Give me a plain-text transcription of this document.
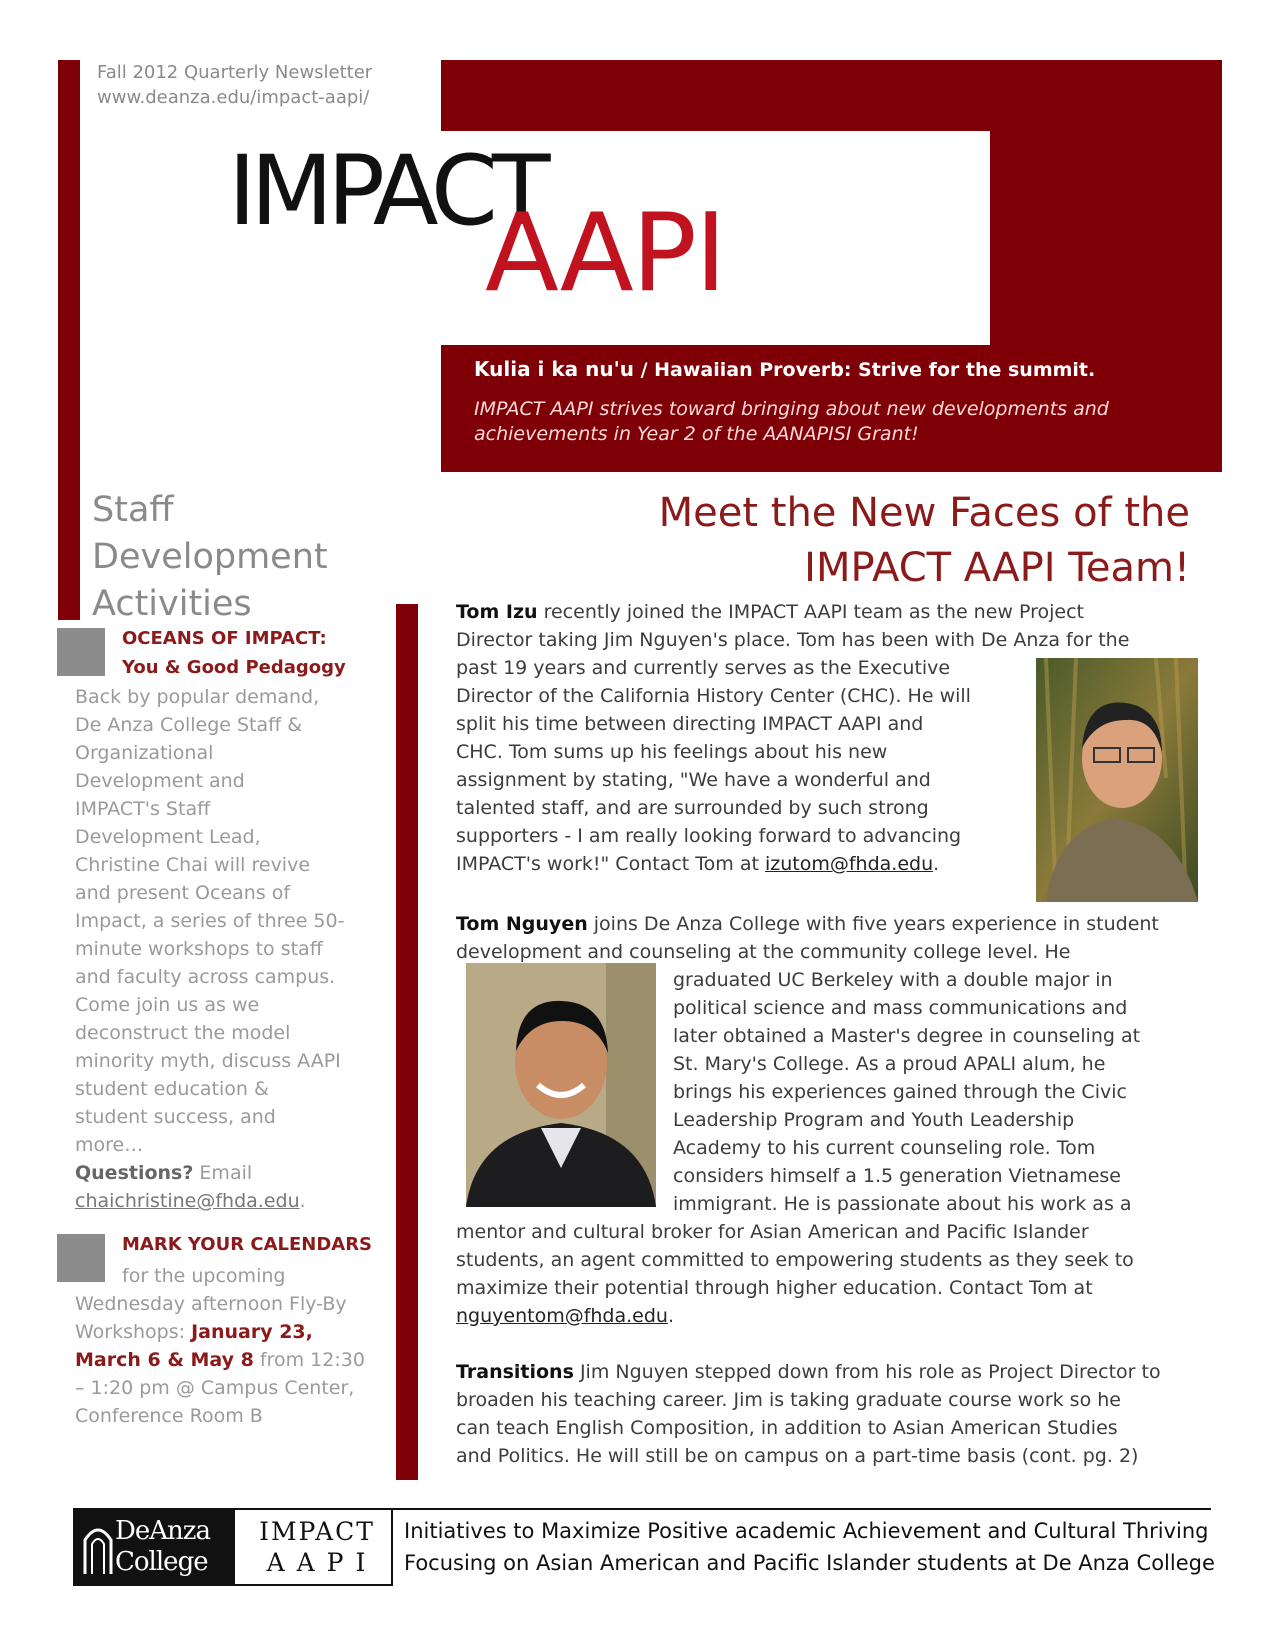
Fall 2012 Quarterly Newsletter
www.deanza.edu/impact-aapi/
IMPACT
AAPI
Kulia i ka nu'u / Hawaiian Proverb: Strive for the summit.
IMPACT AAPI strives toward bringing about new developments and achievements in Year 2 of the AANAPISI Grant!
Staff
Development
Activities
OCEANS OF IMPACT:
You & Good Pedagogy
Back by popular demand,
De Anza College Staff &
Organizational
Development and
IMPACT's Staff
Development Lead,
Christine Chai will revive
and present Oceans of
Impact, a series of three 50-
minute workshops to staff
and faculty across campus.
Come join us as we
deconstruct the model
minority myth, discuss AAPI
student education &
student success, and
more…
Questions? Email
chaichristine@fhda.edu.
MARK YOUR CALENDARS
for the upcoming
Wednesday afternoon Fly-By
Workshops: January 23,
March 6 & May 8 from 12:30
– 1:20 pm @ Campus Center,
Conference Room B
Meet the New Faces of the
IMPACT AAPI Team!
Tom Izu recently joined the IMPACT AAPI team as the new Project
Director taking Jim Nguyen's place. Tom has been with De Anza for the
past 19 years and currently serves as the Executive
Director of the California History Center (CHC). He will
split his time between directing IMPACT AAPI and
CHC. Tom sums up his feelings about his new
assignment by stating, "We have a wonderful and
talented staff, and are surrounded by such strong
supporters - I am really looking forward to advancing
IMPACT's work!" Contact Tom at izutom@fhda.edu.
Tom Nguyen joins De Anza College with five years experience in student
development and counseling at the community college level. He
graduated UC Berkeley with a double major in
political science and mass communications and
later obtained a Master's degree in counseling at
St. Mary's College. As a proud APALI alum, he
brings his experiences gained through the Civic
Leadership Program and Youth Leadership
Academy to his current counseling role. Tom
considers himself a 1.5 generation Vietnamese
immigrant. He is passionate about his work as a
mentor and cultural broker for Asian American and Pacific Islander
students, an agent committed to empowering students as they seek to
maximize their potential through higher education. Contact Tom at
nguyentom@fhda.edu.
Transitions Jim Nguyen stepped down from his role as Project Director to
broaden his teaching career. Jim is taking graduate course work so he
can teach English Composition, in addition to Asian American Studies
and Politics. He will still be on campus on a part-time basis (cont. pg. 2)
DeAnza
College
IMPACT
A A P I
Initiatives to Maximize Positive academic Achievement and Cultural Thriving
Focusing on Asian American and Pacific Islander students at De Anza College
